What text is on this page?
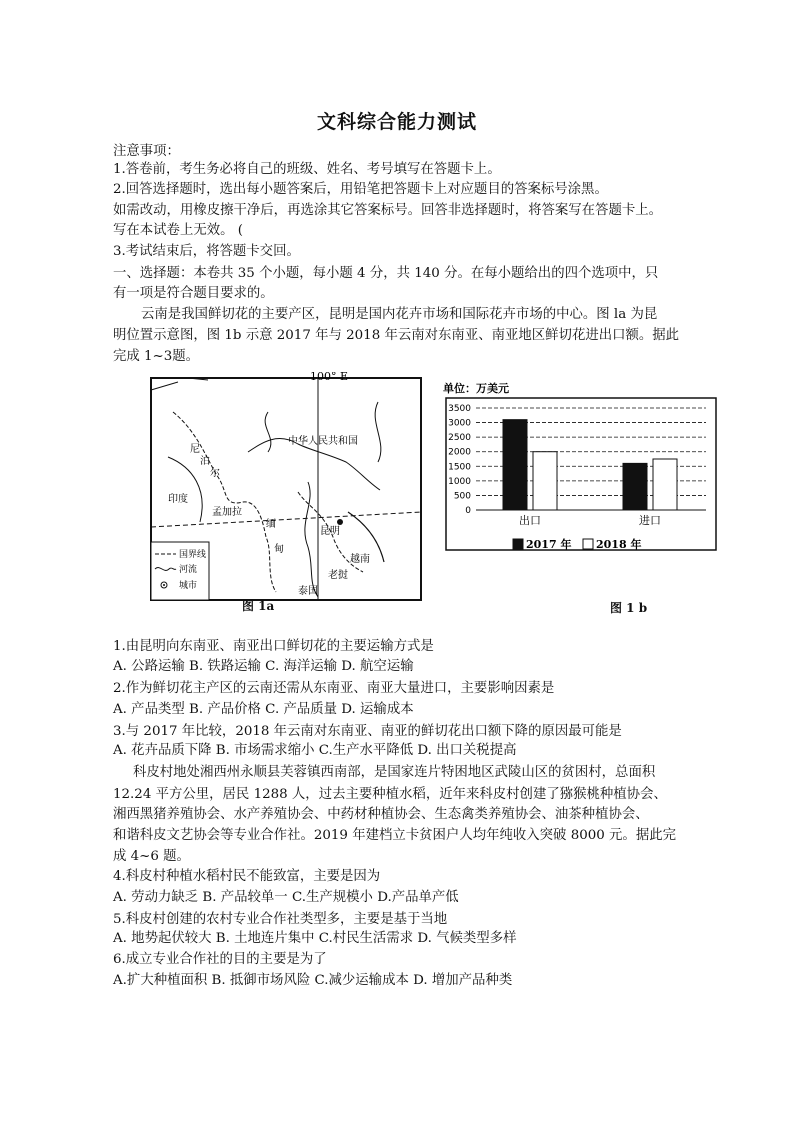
文科综合能力测试
注意事项：
1.答卷前，考生务必将自己的班级、姓名、考号填写在答题卡上。
2.回答选择题时，选出每小题答案后，用铅笔把答题卡上对应题目的答案标号涂黑。
如需改动，用橡皮擦干净后，再选涂其它答案标号。回答非选择题时，将答案写在答题卡上。
写在本试卷上无效。 (
3.考试结束后，将答题卡交回。
一、选择题：本卷共 35 个小题，每小题 4 分，共 140 分。在每小题给出的四个选项中，只
有一项是符合题目要求的。
云南是我国鲜切花的主要产区，昆明是国内花卉市场和国际花卉市场的中心。图 la 为昆
明位置示意图，图 1b 示意 2017 年与 2018 年云南对东南亚、南亚地区鲜切花进出口额。据此
完成 1~3题。
100° E
中华人民共和国
印度
孟加拉
昆明
越南
老挝
泰国
尼泊尔
缅甸
国界线
河流
城市
图 1a
单位：万美元
0
500
1000
1500
2000
2500
3000
3500
出口	进口
2017 年 2018 年
图 1 b
1.由昆明向东南亚、南亚出口鲜切花的主要运输方式是
A. 公路运输 B. 铁路运输 C. 海洋运输 D. 航空运输
2.作为鲜切花主产区的云南还需从东南亚、南亚大量进口，主要影响因素是
A. 产品类型 B. 产品价格 C. 产品质量 D. 运输成本
3.与 2017 年比较，2018 年云南对东南亚、南亚的鲜切花出口额下降的原因最可能是
A. 花卉品质下降 B. 市场需求缩小 C.生产水平降低 D. 出口关税提高
科皮村地处湘西州永顺县芙蓉镇西南部，是国家连片特困地区武陵山区的贫困村，总面积
12.24 平方公里，居民 1288 人，过去主要种植水稻，近年来科皮村创建了猕猴桃种植协会、
湘西黑猪养殖协会、水产养殖协会、中药材种植协会、生态禽类养殖协会、油茶种植协会、
和谐科皮文艺协会等专业合作社。2019 年建档立卡贫困户人均年纯收入突破 8000 元。据此完
成 4~6 题。
4.科皮村种植水稻村民不能致富，主要是因为
A. 劳动力缺乏 B. 产品较单一 C.生产规模小 D.产品单产低
5.科皮村创建的农村专业合作社类型多，主要是基于当地
A. 地势起伏较大 B. 土地连片集中 C.村民生活需求 D. 气候类型多样
6.成立专业合作社的目的主要是为了
A.扩大种植面积 B. 抵御市场风险 C.减少运输成本 D. 增加产品种类
